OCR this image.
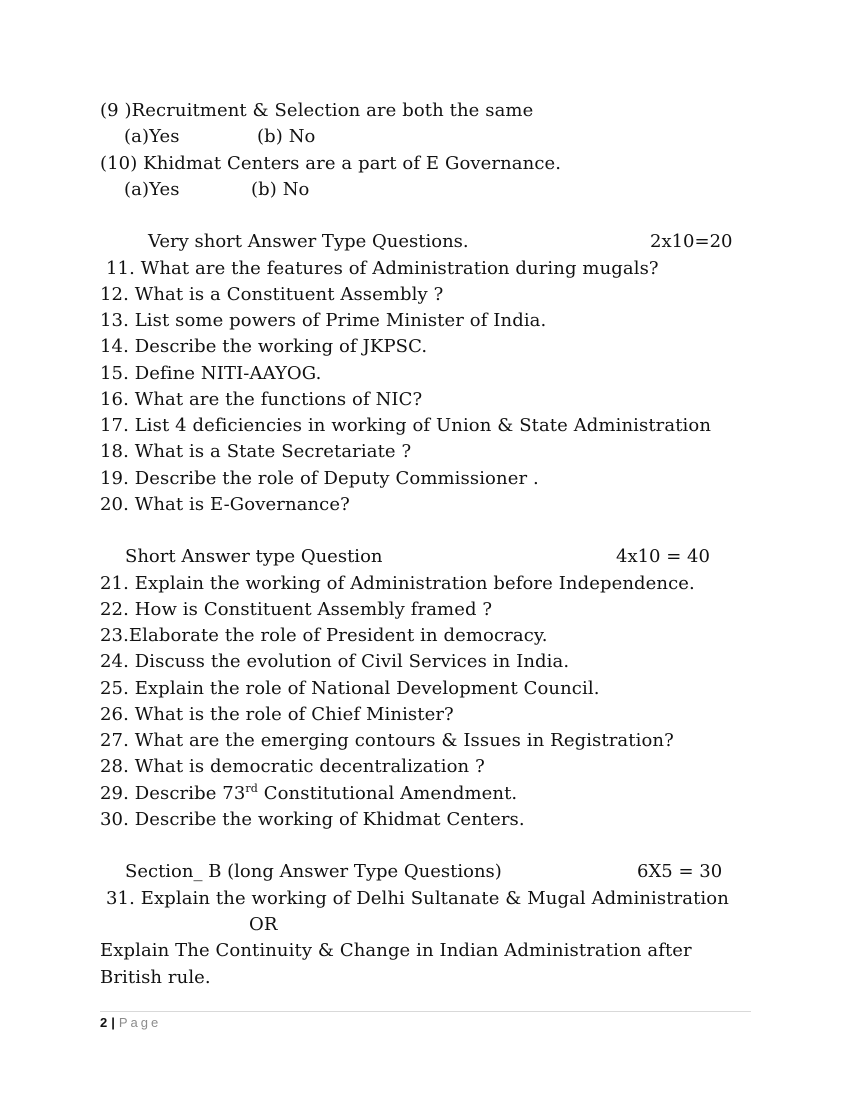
(9 )Recruitment & Selection are both the same
(a)Yes	(b) No
(10) Khidmat Centers are a part of E Governance.
(a)Yes	(b) No
Very short Answer Type Questions.	2x10=20
11. What are the features of Administration during mugals?
12. What is a Constituent Assembly ?
13. List some powers of Prime Minister of India.
14. Describe the working of JKPSC.
15. Define NITI-AAYOG.
16. What are the functions of NIC?
17. List 4 deficiencies in working of Union & State Administration
18. What is a State Secretariate ?
19. Describe the role of Deputy Commissioner .
20. What is E-Governance?
Short Answer type Question	4x10 = 40
21. Explain the working of Administration before Independence.
22. How is Constituent Assembly framed ?
23.Elaborate the role of President in democracy.
24. Discuss the evolution of Civil Services in India.
25. Explain the role of National Development Council.
26. What is the role of Chief Minister?
27. What are the emerging contours & Issues in Registration?
28. What is democratic decentralization ?
29. Describe 73rd Constitutional Amendment.
30. Describe the working of Khidmat Centers.
Section_ B (long Answer Type Questions)	6X5 = 30
31. Explain the working of Delhi Sultanate & Mugal Administration
OR
Explain The Continuity & Change in Indian Administration after
British rule.
2 | Page
